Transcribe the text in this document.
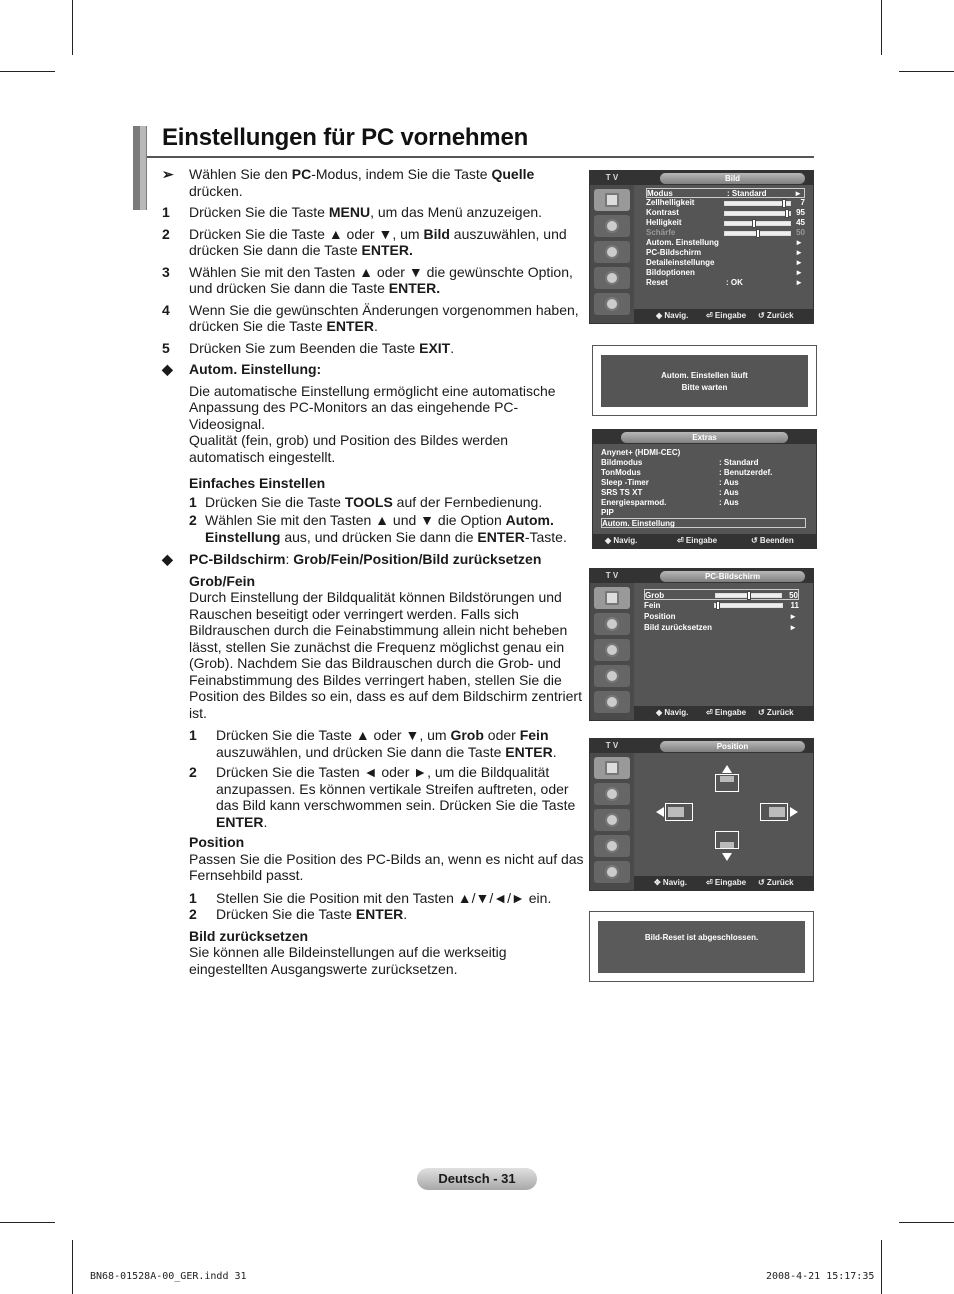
Einstellungen für PC vornehmen
➢	Wählen Sie den PC-Modus, indem Sie die Taste Quelle drücken.
1	Drücken Sie die Taste MENU, um das Menü anzuzeigen.
2	Drücken Sie die Taste ▲ oder ▼, um Bild auszuwählen, und drücken Sie dann die Taste ENTER.
3	Wählen Sie mit den Tasten ▲ oder ▼ die gewünschte Option, und drücken Sie dann die Taste ENTER.
4	Wenn Sie die gewünschten Änderungen vorgenommen haben, drücken Sie die Taste ENTER.
5	Drücken Sie zum Beenden die Taste EXIT.
◆	Autom. Einstellung:
Die automatische Einstellung ermöglicht eine automatische Anpassung des PC-Monitors an das eingehende PC-Videosignal.
Qualität (fein, grob) und Position des Bildes werden automatisch eingestellt.
Einfaches Einstellen
1 Drücken Sie die Taste TOOLS auf der Fernbedienung.
2 Wählen Sie mit den Tasten ▲ und ▼ die Option Autom. Einstellung aus, und drücken Sie dann die ENTER-Taste.
◆	PC-Bildschirm: Grob/Fein/Position/Bild zurücksetzen
Grob/Fein
Durch Einstellung der Bildqualität können Bildstörungen und Rauschen beseitigt oder verringert werden. Falls sich Bildrauschen durch die Feinabstimmung allein nicht beheben lässt, stellen Sie zunächst die Frequenz möglichst genau ein (Grob). Nachdem Sie das Bildrauschen durch die Grob- und Feinabstimmung des Bildes verringert haben, stellen Sie die Position des Bildes so ein, dass es auf dem Bildschirm zentriert ist.
1	Drücken Sie die Taste ▲ oder ▼, um Grob oder Fein auszuwählen, und drücken Sie dann die Taste ENTER.
2	Drücken Sie die Tasten ◄ oder ►, um die Bildqualität anzupassen. Es können vertikale Streifen auftreten, oder das Bild kann verschwommen sein. Drücken Sie die Taste ENTER.
Position
Passen Sie die Position des PC-Bilds an, wenn es nicht auf das Fernsehbild passt.
1	Stellen Sie die Position mit den Tasten ▲/▼/◄/► ein.
2	Drücken Sie die Taste ENTER.
Bild zurücksetzen
Sie können alle Bildeinstellungen auf die werkseitig eingestellten Ausgangswerte zurücksetzen.
T V	Bild
Modus	: Standard	►
Zellhelligkeit	7
Kontrast	95
Helligkeit	45
Schärfe	50
Autom. Einstellung	►
PC-Bildschirm	►
Detaileinstellunge	►
Bildoptionen	►
Reset	: OK	►
◆ Navig. ⏎ Eingabe ↺ Zurück
Autom. Einstellen läuft
Bitte warten
Extras
Anynet+ (HDMI-CEC)
Bildmodus	: Standard
TonModus	: Benutzerdef.
Sleep -Timer	: Aus
SRS TS XT	: Aus
Energiesparmod.	: Aus
PIP
Autom. Einstellung
◆ Navig.	⏎ Eingabe	↺ Beenden
T V	PC-Bildschirm
Grob	50
Fein	11
Position	►
Bild zurücksetzen	►
◆ Navig. ⏎ Eingabe ↺ Zurück
T V	Position
✥ Navig. ⏎ Eingabe ↺ Zurück
Bild-Reset ist abgeschlossen.
Deutsch - 31
BN68-01528A-00_GER.indd 31	2008-4-21 15:17:35
